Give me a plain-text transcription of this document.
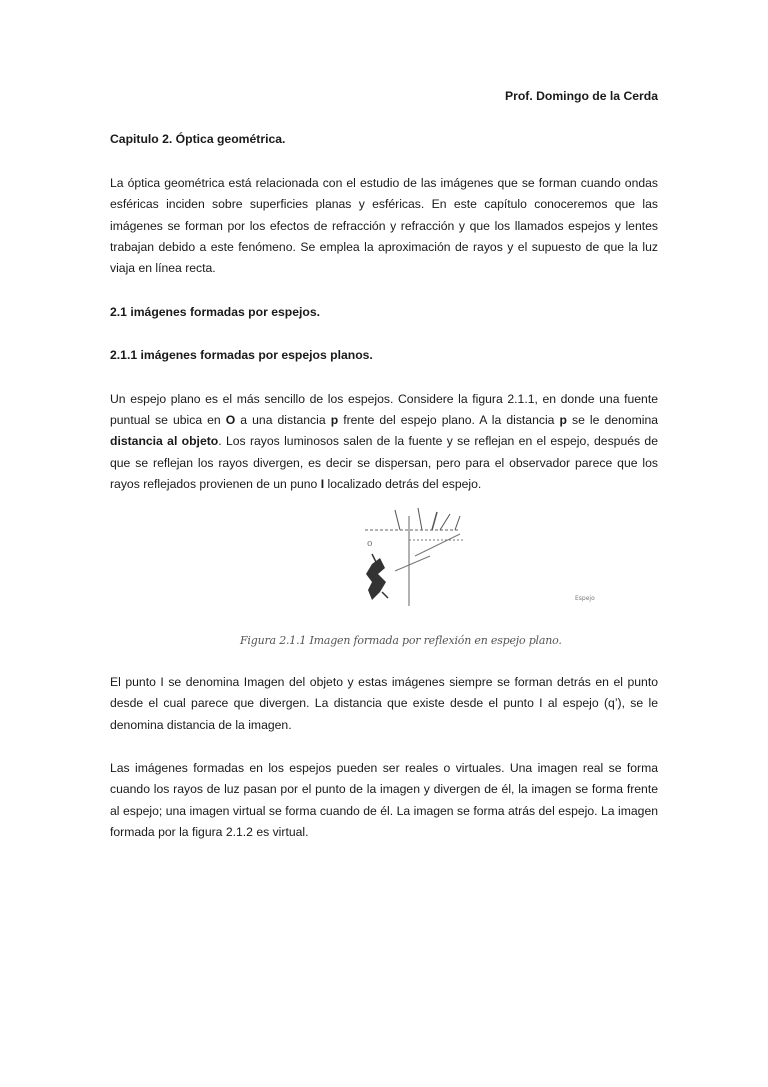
Prof. Domingo de la Cerda

Capitulo 2. Óptica geométrica.

La óptica geométrica está relacionada con el estudio de las imágenes que se forman cuando ondas esféricas inciden sobre superficies planas y esféricas. En este capítulo conoceremos que las imágenes se forman por los efectos de refracción y refracción y que los llamados espejos y lentes trabajan debido a este fenómeno. Se emplea la aproximación de rayos y el supuesto de que la luz viaja en línea recta.

2.1 imágenes formadas por espejos.

2.1.1 imágenes formadas por espejos planos.

Un espejo plano es el más sencillo de los espejos. Considere la figura 2.1.1, en donde una fuente puntual se ubica en O a una distancia p frente del espejo plano. A la distancia p se le denomina distancia al objeto. Los rayos luminosos salen de la fuente y se reflejan en el espejo, después de que se reflejan los rayos divergen, es decir se dispersan, pero para el observador parece que los rayos reflejados provienen de un puno I localizado detrás del espejo.

o
Espejo
Figura 2.1.1 Imagen formada por reflexión en espejo plano.

El punto I se denomina Imagen del objeto y estas imágenes siempre se forman detrás en el punto desde el cual parece que divergen. La distancia que existe desde el punto I al espejo (q’), se le denomina distancia de la imagen.

Las imágenes formadas en los espejos pueden ser reales o virtuales. Una imagen real se forma cuando los rayos de luz pasan por el punto de la imagen y divergen de él, la imagen se forma frente al espejo; una imagen virtual se forma cuando de él. La imagen se forma atrás del espejo. La imagen formada por la figura 2.1.2 es virtual.
